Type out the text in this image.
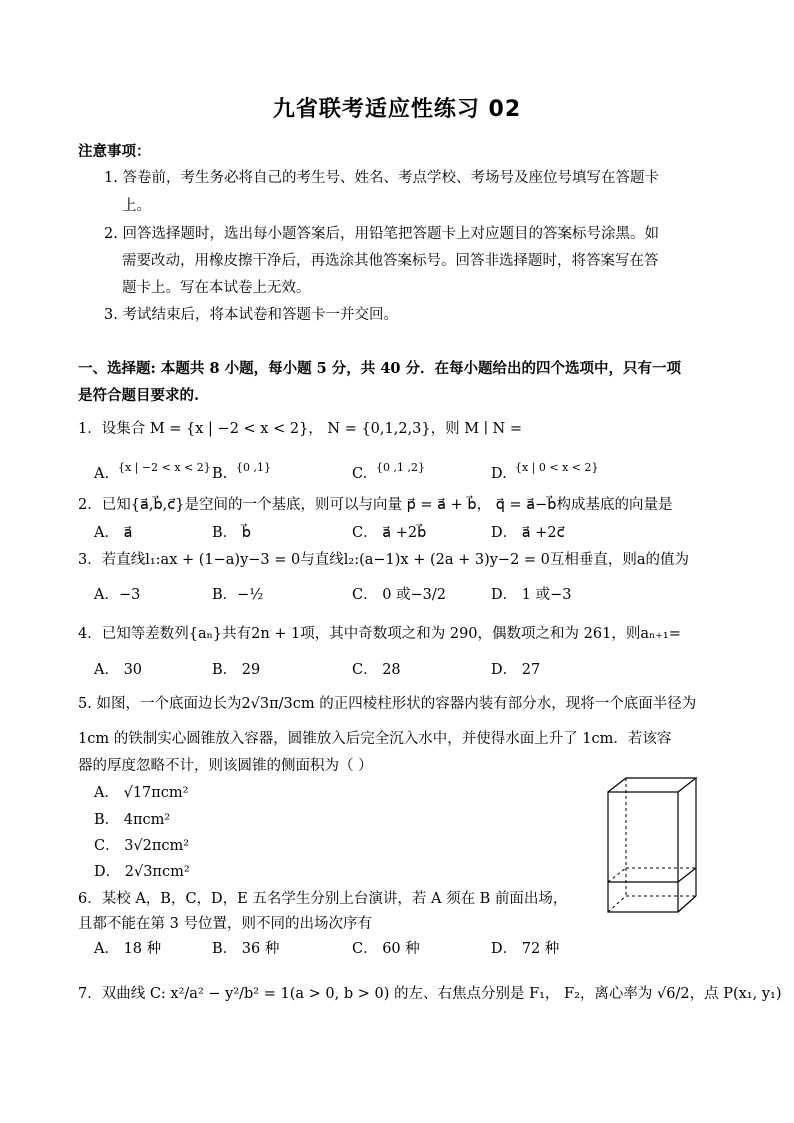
九省联考适应性练习 02
注意事项：
1. 答卷前，考生务必将自己的考生号、姓名、考点学校、考场号及座位号填写在答题卡
上。
2. 回答选择题时，选出每小题答案后，用铅笔把答题卡上对应题目的答案标号涂黑。如
需要改动，用橡皮擦干净后，再选涂其他答案标号。回答非选择题时，将答案写在答
题卡上。写在本试卷上无效。
3. 考试结束后，将本试卷和答题卡一并交回。
一、选择题: 本题共 8 小题，每小题 5 分，共 40 分．在每小题给出的四个选项中，只有一项
是符合题目要求的.
1．设集合 M = {x | −2 < x < 2}， N = {0,1,2,3}，则 M ∣ N =
A. {x | −2 < x < 2} B. {0 ,1}	C. {0 ,1 ,2}	D. {x | 0 < x < 2}
2．已知{a⃗,b⃗,c⃗}是空间的一个基底，则可以与向量 p⃗ = a⃗ + b⃗， q⃗ = a⃗−b⃗构成基底的向量是
A． a⃗	B． b⃗	C． a⃗ +2b⃗	D． a⃗ +2c⃗
3．若直线l₁:ax + (1−a)y−3 = 0与直线l₂:(a−1)x + (2a + 3)y−2 = 0互相垂直，则a的值为
A．−3	B．−½	C． 0 或−3/2	D． 1 或−3
4．已知等差数列{aₙ}共有2n + 1项，其中奇数项之和为 290，偶数项之和为 261，则aₙ₊₁=
A． 30	B． 29	C． 28	D． 27
5. 如图，一个底面边长为2√3π/3cm 的正四棱柱形状的容器内装有部分水，现将一个底面半径为
1cm 的铁制实心圆锥放入容器，圆锥放入后完全沉入水中，并使得水面上升了 1cm．若该容
器的厚度忽略不计，则该圆锥的侧面积为（ ）
A． √17πcm²
B． 4πcm²
C． 3√2πcm²
D． 2√3πcm²
6．某校 A，B，C，D，E 五名学生分别上台演讲，若 A 须在 B 前面出场，
且都不能在第 3 号位置，则不同的出场次序有
A． 18 种	B． 36 种	C． 60 种	D． 72 种
7．双曲线 C: x²/a² − y²/b² = 1(a > 0, b > 0) 的左、右焦点分别是 F₁， F₂，离心率为 √6/2，点 P(x₁, y₁)
